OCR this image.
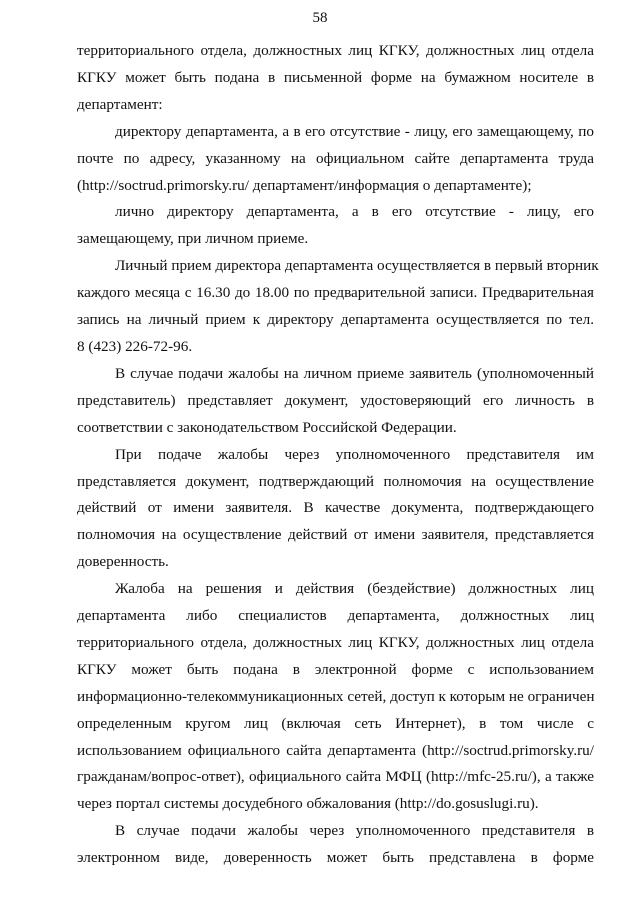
58
территориального отдела, должностных лиц КГКУ, должностных лиц отдела
КГКУ может быть подана в письменной форме на бумажном носителе в
департамент:
директору департамента, а в его отсутствие - лицу, его замещающему, по
почте по адресу, указанному на официальном сайте департамента труда
(http://soctrud.primorsky.ru/ департамент/информация о департаменте);
лично директору департамента, а в его отсутствие - лицу, его
замещающему, при личном приеме.
Личный прием директора департамента осуществляется в первый вторник
каждого месяца с 16.30 до 18.00 по предварительной записи. Предварительная
запись на личный прием к директору департамента осуществляется по тел.
8 (423) 226-72-96.
В случае подачи жалобы на личном приеме заявитель (уполномоченный
представитель) представляет документ, удостоверяющий его личность в
соответствии с законодательством Российской Федерации.
При подаче жалобы через уполномоченного представителя им
представляется документ, подтверждающий полномочия на осуществление
действий от имени заявителя. В качестве документа, подтверждающего
полномочия на осуществление действий от имени заявителя, представляется
доверенность.
Жалоба на решения и действия (бездействие) должностных лиц
департамента либо специалистов департамента, должностных лиц
территориального отдела, должностных лиц КГКУ, должностных лиц отдела
КГКУ может быть подана в электронной форме с использованием
информационно-телекоммуникационных сетей, доступ к которым не ограничен
определенным кругом лиц (включая сеть Интернет), в том числе с
использованием официального сайта департамента (http://soctrud.primorsky.ru/
гражданам/вопрос-ответ), официального сайта МФЦ (http://mfc-25.ru/), а также
через портал системы досудебного обжалования (http://do.gosuslugi.ru).
В случае подачи жалобы через уполномоченного представителя в
электронном виде, доверенность может быть представлена в форме
